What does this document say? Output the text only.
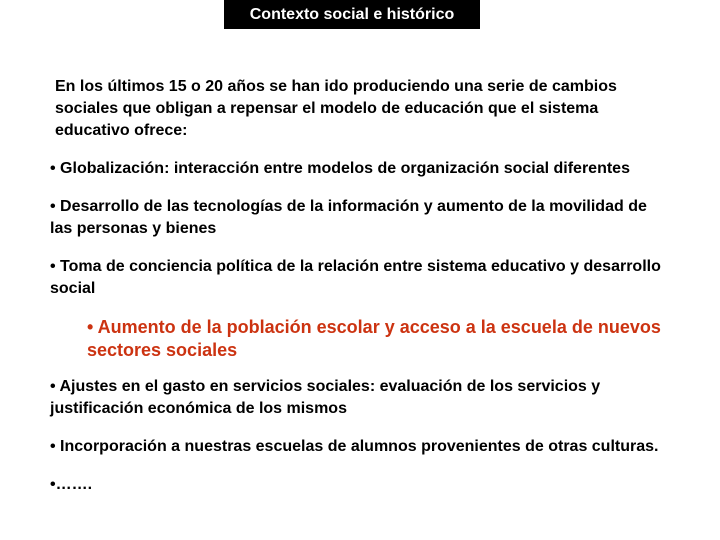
Contexto social e histórico

En los últimos 15 o 20 años se han ido produciendo una serie de cambios sociales que obligan a repensar el modelo de educación que el sistema educativo ofrece:

• Globalización: interacción entre modelos de organización social diferentes

• Desarrollo de las tecnologías de la información y aumento de la movilidad de las personas y bienes

• Toma de conciencia política de la relación entre sistema educativo y desarrollo social

• Aumento de la población escolar y acceso a la escuela de nuevos sectores sociales

• Ajustes en el gasto en servicios sociales: evaluación de los servicios y justificación económica de los mismos

• Incorporación a nuestras escuelas de alumnos provenientes de otras culturas.

•…….
